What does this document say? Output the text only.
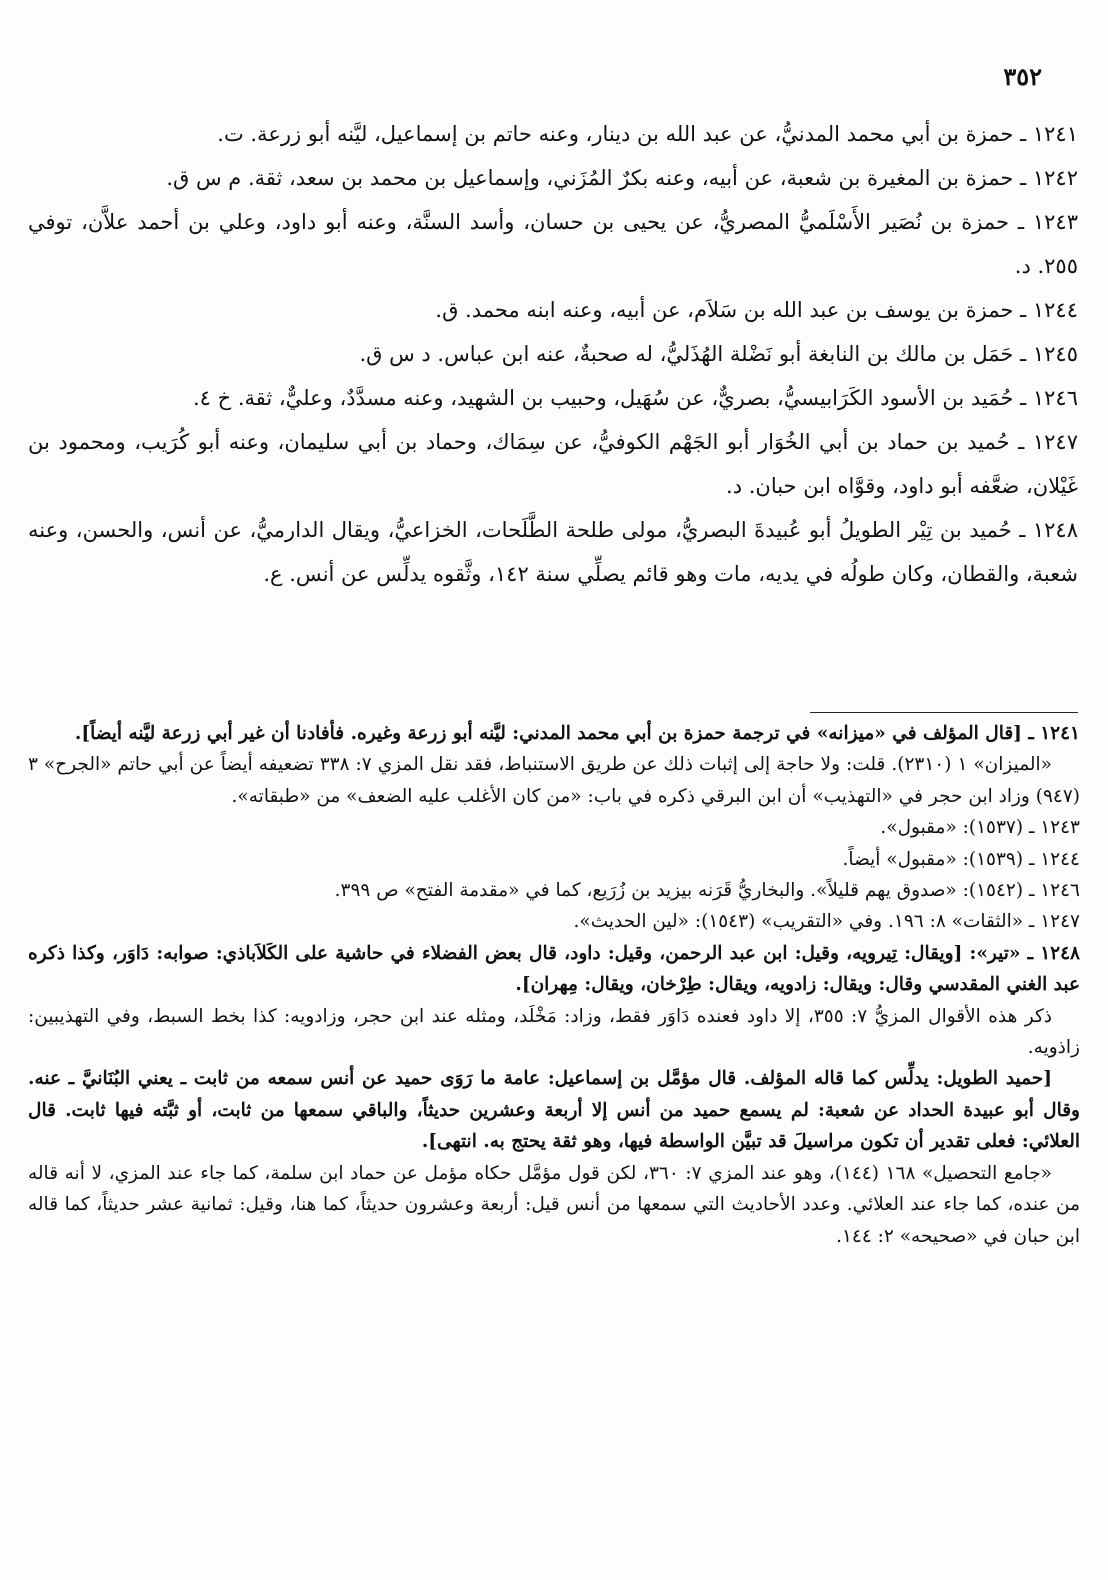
٣٥٢

١٢٤١ ـ حمزة بن أبي محمد المدنيُّ، عن عبد الله بن دينار، وعنه حاتم بن إسماعيل، ليَّنه أبو زرعة. ت.

١٢٤٢ ـ حمزة بن المغيرة بن شعبة، عن أبيه، وعنه بكرٌ المُزَني، وإسماعيل بن محمد بن سعد، ثقة. م س ق.

١٢٤٣ ـ حمزة بن نُصَير الأَسْلَميُّ المصريُّ، عن يحيى بن حسان، وأسد السنَّة، وعنه أبو داود، وعلي بن أحمد علاَّن، توفي ٢٥٥. د.

١٢٤٤ ـ حمزة بن يوسف بن عبد الله بن سَلاَم، عن أبيه، وعنه ابنه محمد. ق.

١٢٤٥ ـ حَمَل بن مالك بن النابغة أبو نَضْلة الهُذَليُّ، له صحبةٌ، عنه ابن عباس. د س ق.

١٢٤٦ ـ حُمَيد بن الأسود الكَرَابيسيُّ، بصريٌّ، عن سُهَيل، وحبيب بن الشهيد، وعنه مسدَّدٌ، وعليٌّ، ثقة. خ ٤.

١٢٤٧ ـ حُميد بن حماد بن أبي الخُوَار أبو الجَهْم الكوفيُّ، عن سِمَاك، وحماد بن أبي سليمان، وعنه أبو كُرَيب، ومحمود بن غَيْلان، ضعَّفه أبو داود، وقوَّاه ابن حبان. د.

١٢٤٨ ـ حُميد بن تِيْر الطويلُ أبو عُبيدةَ البصريُّ، مولى طلحة الطَّلَحات، الخزاعيُّ، ويقال الدارميُّ، عن أنس، والحسن، وعنه شعبة، والقطان، وكان طولُه في يديه، مات وهو قائم يصلِّي سنة ١٤٢، وثَّقوه يدلِّس عن أنس. ع.

١٢٤١ ـ [قال المؤلف في «ميزانه» في ترجمة حمزة بن أبي محمد المدني: ليَّنه أبو زرعة وغيره. فأفادنا أن غير أبي زرعة ليَّنه أيضاً].

«الميزان» ١ (٢٣١٠). قلت: ولا حاجة إلى إثبات ذلك عن طريق الاستنباط، فقد نقل المزي ٧: ٣٣٨ تضعيفه أيضاً عن أبي حاتم «الجرح» ٣ (٩٤٧) وزاد ابن حجر في «التهذيب» أن ابن البرقي ذكره في باب: «من كان الأغلب عليه الضعف» من «طبقاته».

١٢٤٣ ـ (١٥٣٧): «مقبول».

١٢٤٤ ـ (١٥٣٩): «مقبول» أيضاً.

١٢٤٦ ـ (١٥٤٢): «صدوق يهم قليلاً». والبخاريُّ قَرَنه بيزيد بن زُرَيع، كما في «مقدمة الفتح» ص ٣٩٩.

١٢٤٧ ـ «الثقات» ٨: ١٩٦. وفي «التقريب» (١٥٤٣): «لين الحديث».

١٢٤٨ ـ «تير»: [ويقال: تِيرويه، وقيل: ابن عبد الرحمن، وقيل: داود، قال بعض الفضلاء في حاشية على الكَلاَباذي: صوابه: دَاوَر، وكذا ذكره عبد الغني المقدسي وقال: ويقال: زادويه، ويقال: طِرْخان، ويقال: مِهران].

ذكر هذه الأقوال المزيُّ ٧: ٣٥٥، إلا داود فعنده دَاوَر فقط، وزاد: مَخْلَد، ومثله عند ابن حجر، وزادويه: كذا بخط السبط، وفي التهذيبين: زاذويه.

[حميد الطويل: يدلِّس كما قاله المؤلف. قال مؤمَّل بن إسماعيل: عامة ما رَوَى حميد عن أنس سمعه من ثابت ـ يعني البُنَانيَّ ـ عنه. وقال أبو عبيدة الحداد عن شعبة: لم يسمع حميد من أنس إلا أربعة وعشرين حديثاً، والباقي سمعها من ثابت، أو ثبَّته فيها ثابت. قال العلائي: فعلى تقدير أن تكون مراسيلَ قد تبيَّن الواسطة فيها، وهو ثقة يحتج به. انتهى].

«جامع التحصيل» ١٦٨ (١٤٤)، وهو عند المزي ٧: ٣٦٠، لكن قول مؤمَّل حكاه مؤمل عن حماد ابن سلمة، كما جاء عند المزي، لا أنه قاله من عنده، كما جاء عند العلائي. وعدد الأحاديث التي سمعها من أنس قيل: أربعة وعشرون حديثاً، كما هنا، وقيل: ثمانية عشر حديثاً، كما قاله ابن حبان في «صحيحه» ٢: ١٤٤.
